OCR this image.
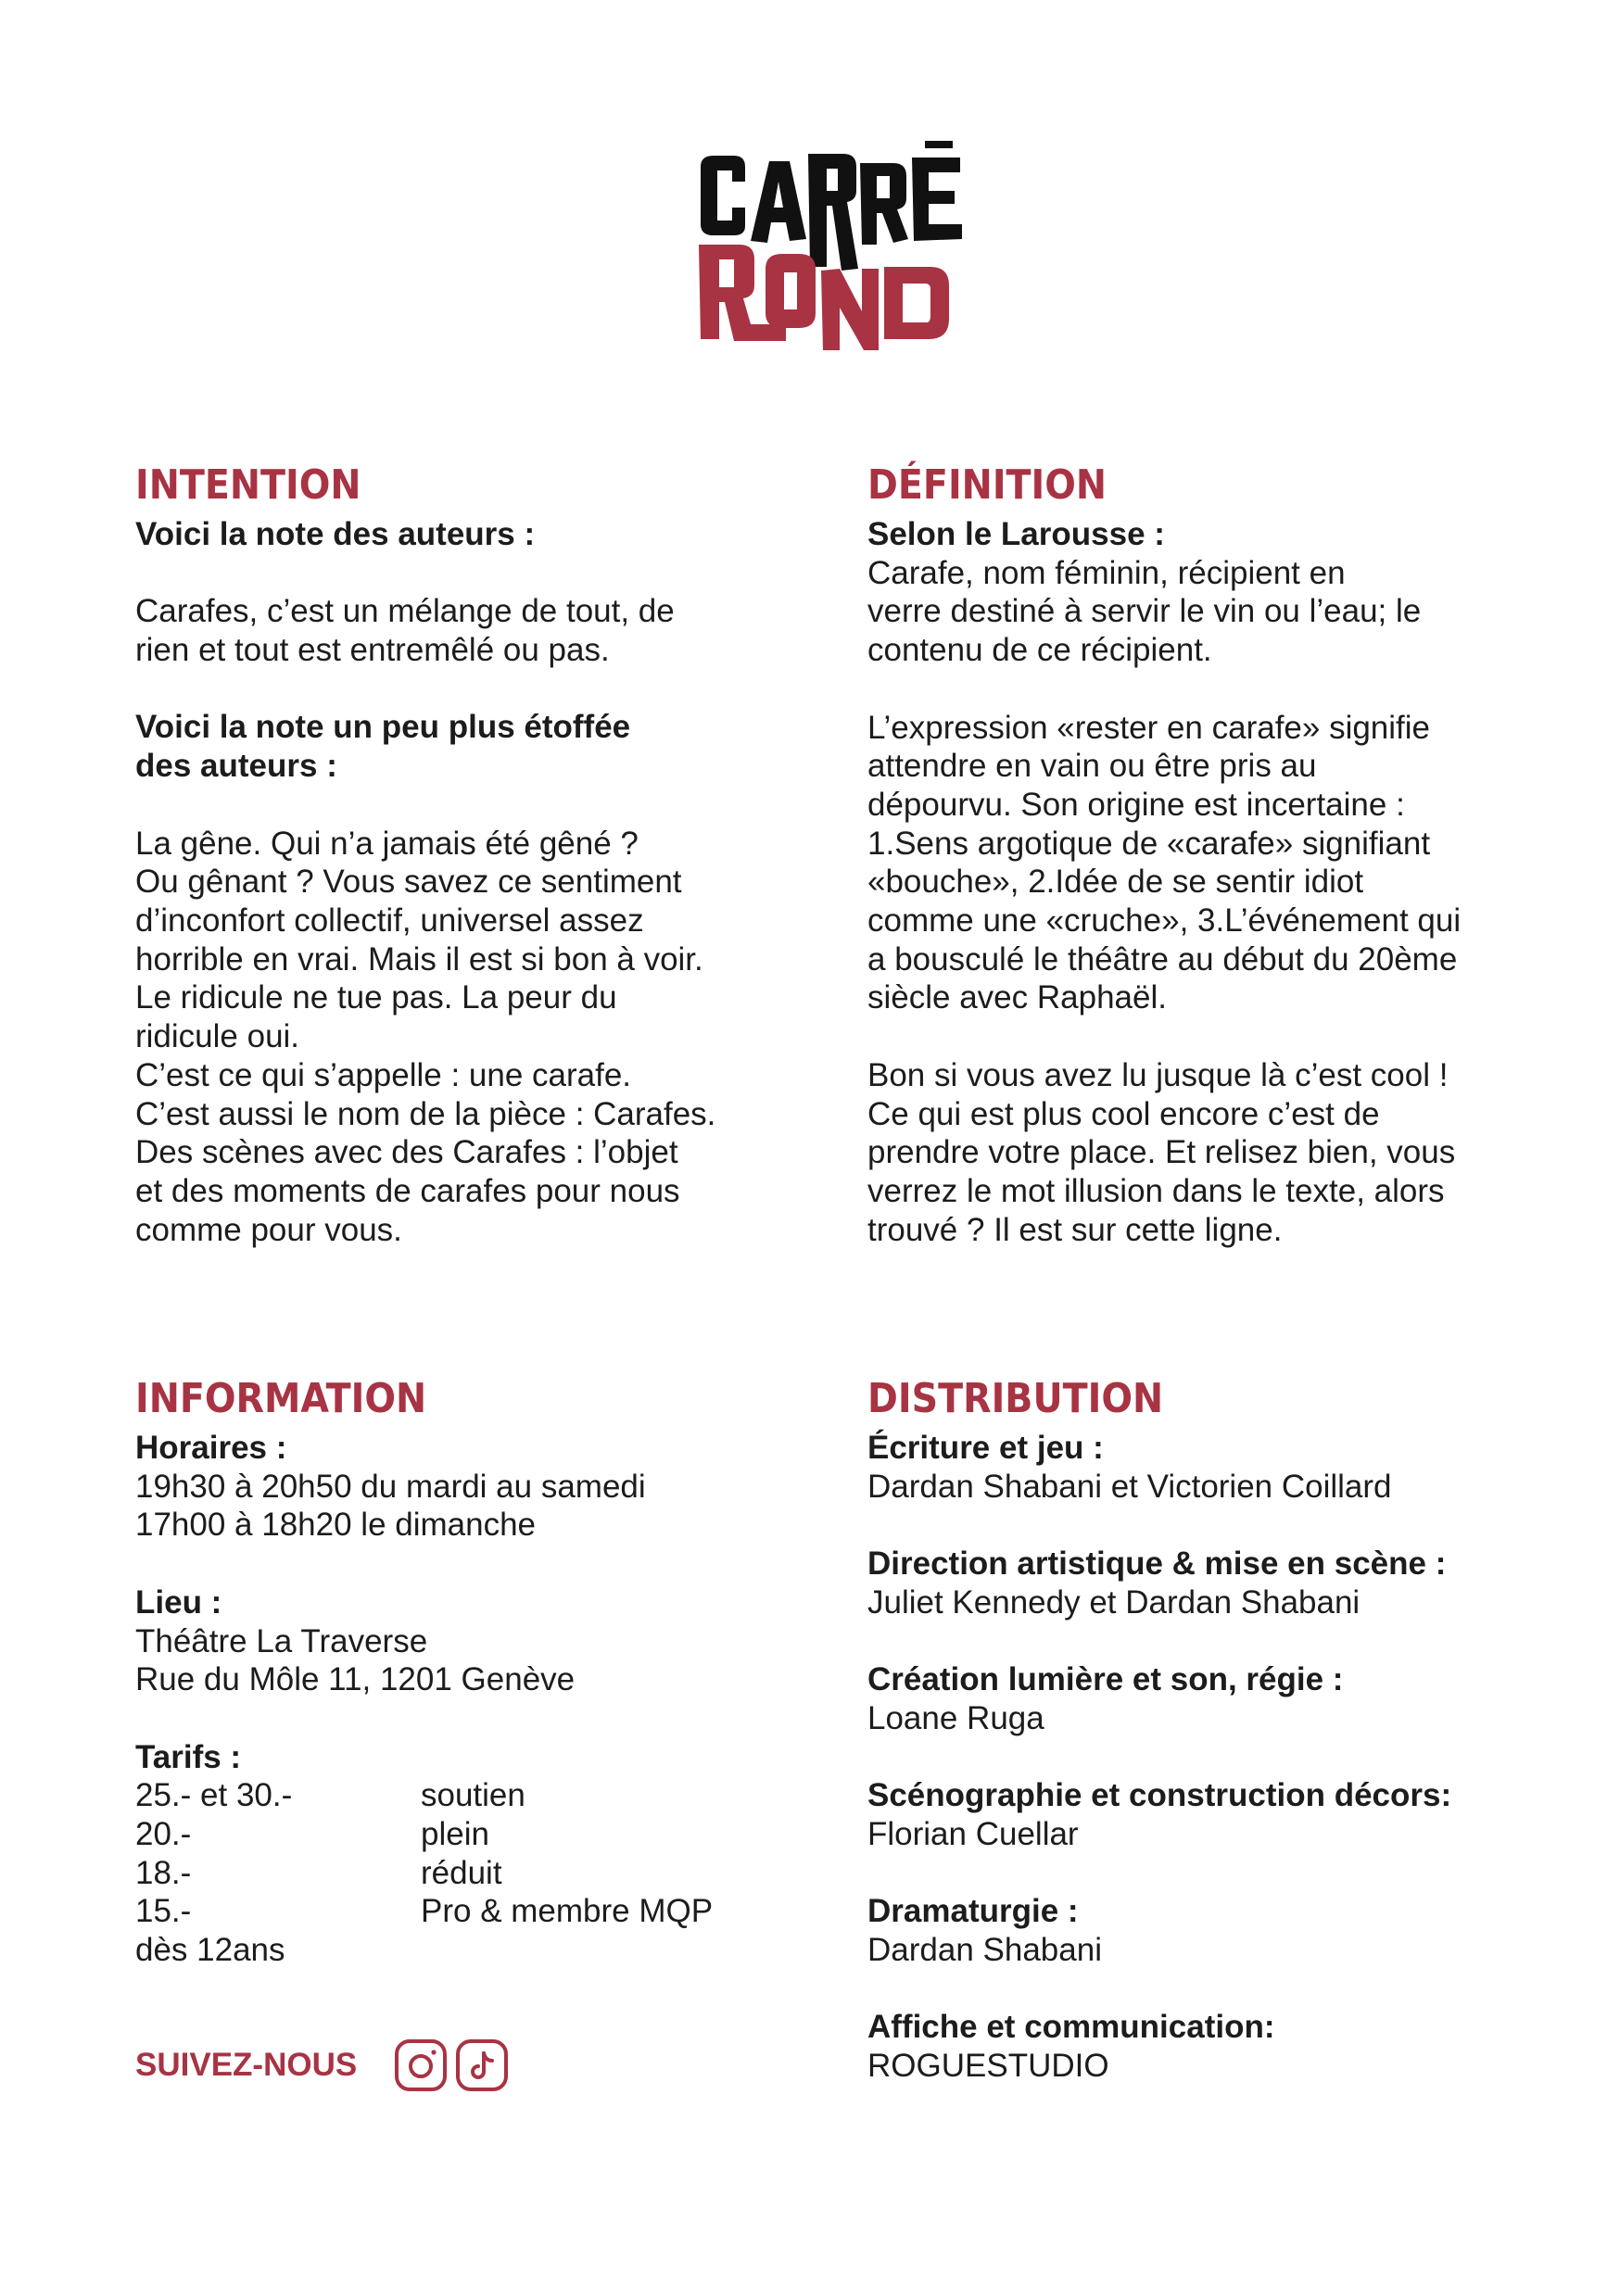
INTENTION

Voici la note des auteurs :

Carafes, c’est un mélange de tout, de
rien et tout est entremêlé ou pas.

Voici la note un peu plus étoffée
des auteurs :

La gêne. Qui n’a jamais été gêné ?
Ou gênant ? Vous savez ce sentiment
d’inconfort collectif, universel assez
horrible en vrai. Mais il est si bon à voir.
Le ridicule ne tue pas. La peur du
ridicule oui.
C’est ce qui s’appelle : une carafe.
C’est aussi le nom de la pièce : Carafes.
Des scènes avec des Carafes : l’objet
et des moments de carafes pour nous
comme pour vous.

DÉFINITION

Selon le Larousse :

Carafe, nom féminin, récipient en
verre destiné à servir le vin ou l’eau; le
contenu de ce récipient.

L’expression «rester en carafe» signifie
attendre en vain ou être pris au
dépourvu. Son origine est incertaine :
1.Sens argotique de «carafe» signifiant
«bouche», 2.Idée de se sentir idiot
comme une «cruche», 3.L’événement qui
a bousculé le théâtre au début du 20ème
siècle avec Raphaël.

Bon si vous avez lu jusque là c’est cool !
Ce qui est plus cool encore c’est de
prendre votre place. Et relisez bien, vous
verrez le mot illusion dans le texte, alors
trouvé ? Il est sur cette ligne.

INFORMATION

Horaires :

19h30 à 20h50 du mardi au samedi
17h00 à 18h20 le dimanche

Lieu :

Théâtre La Traverse
Rue du Môle 11, 1201 Genève

Tarifs :

25.- et 30.-	soutien
20.-	plein
18.-	réduit
15.-	Pro & membre MQP

dès 12ans

SUIVEZ-NOUS
DISTRIBUTION

Écriture et jeu :

Dardan Shabani et Victorien Coillard

Direction artistique & mise en scène :

Juliet Kennedy et Dardan Shabani

Création lumière et son, régie :

Loane Ruga

Scénographie et construction décors:

Florian Cuellar

Dramaturgie :

Dardan Shabani

Affiche et communication:

ROGUESTUDIO
